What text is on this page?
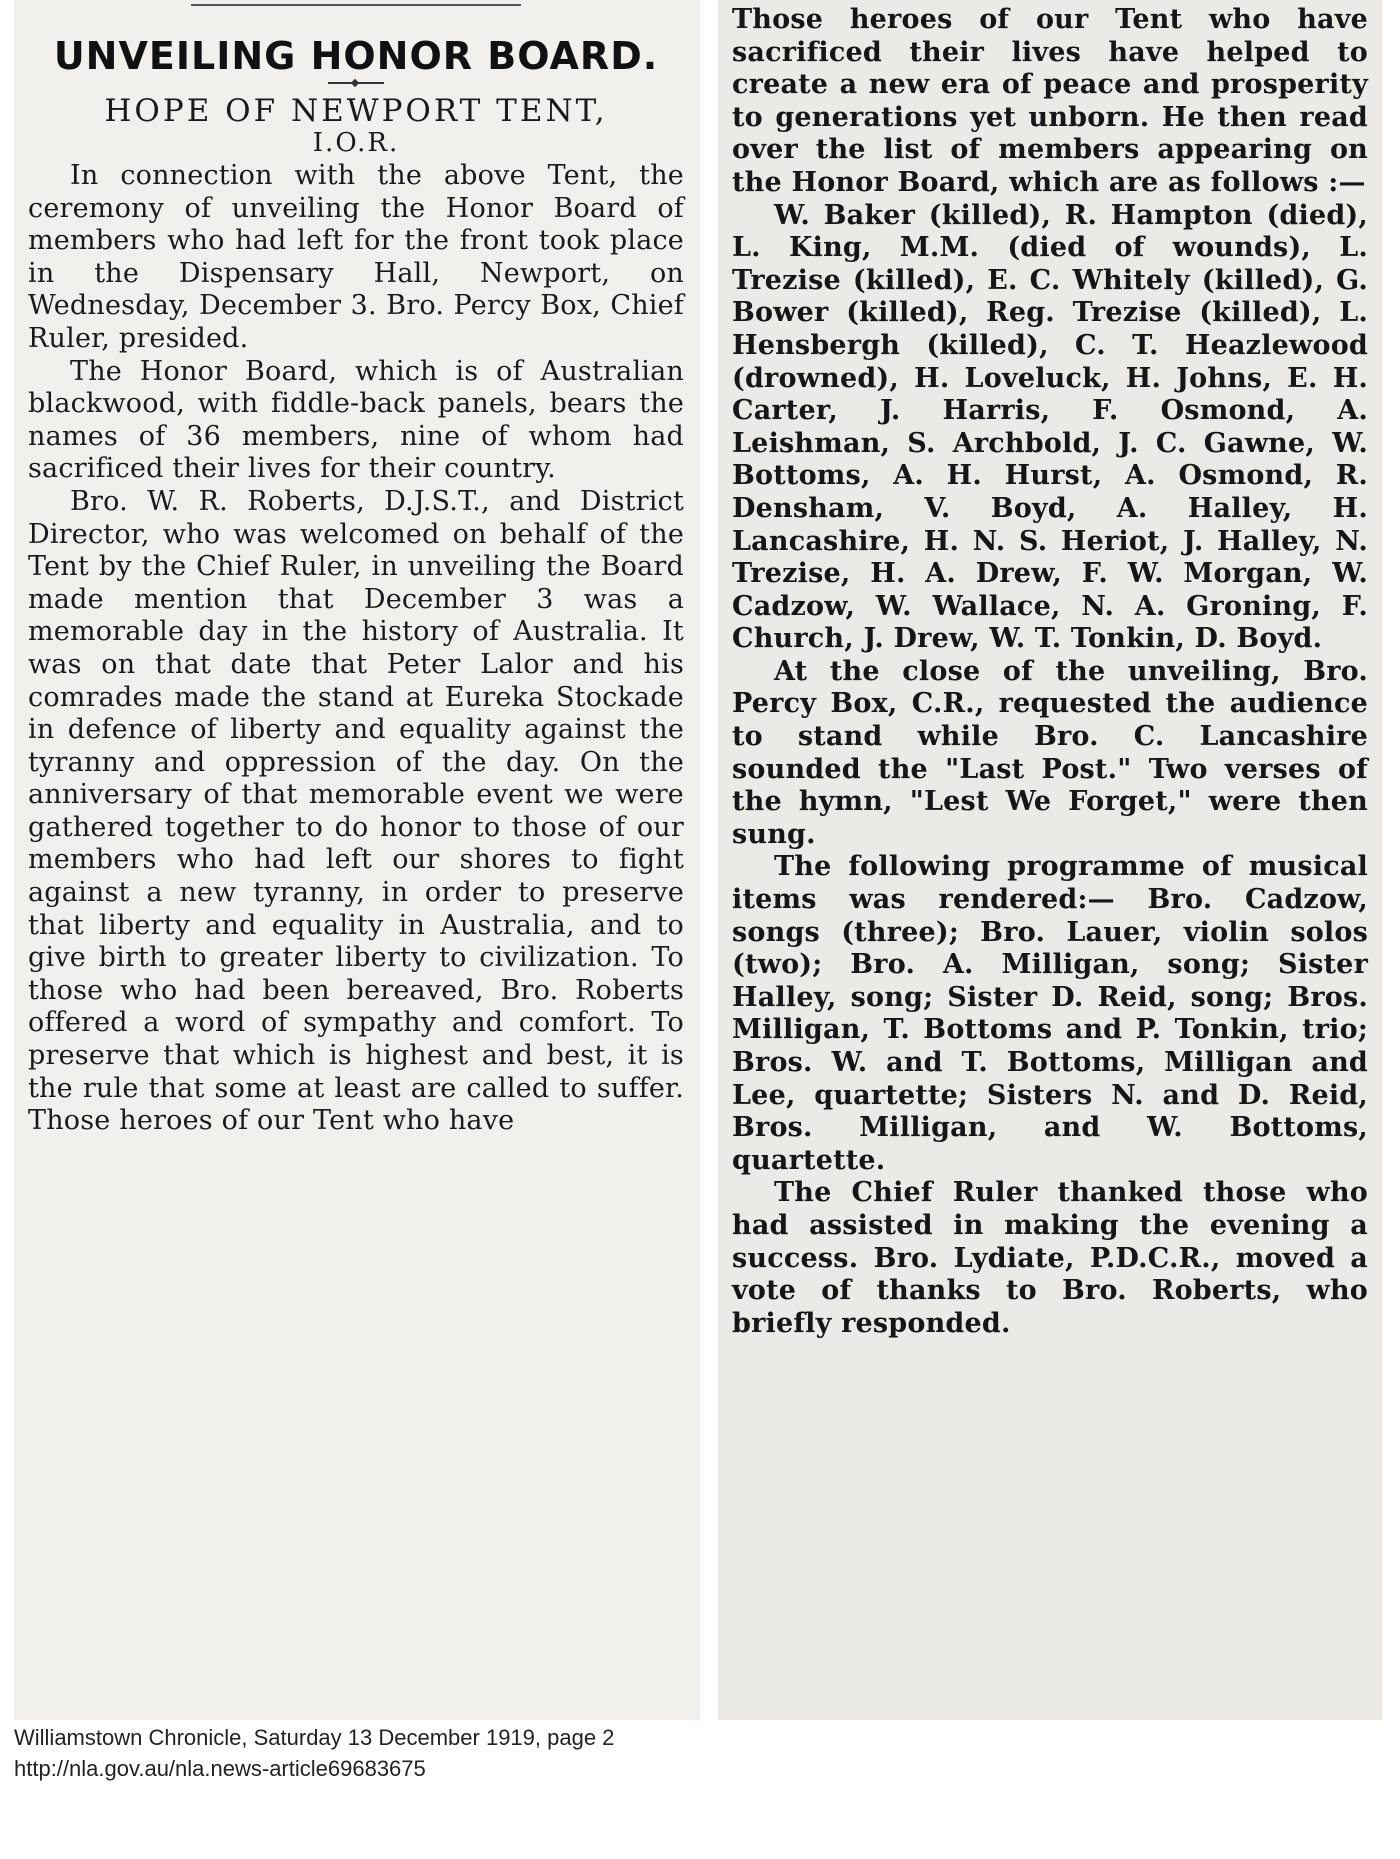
UNVEILING HONOR BOARD.
HOPE OF NEWPORT TENT,
I.O.R.

In connection with the above Tent, the ceremony of unveiling the Honor Board of members who had left for the front took place in the Dispensary Hall, Newport, on Wednesday, December 3. Bro. Percy Box, Chief Ruler, presided.

The Honor Board, which is of Australian blackwood, with fiddle-back panels, bears the names of 36 members, nine of whom had sacrificed their lives for their country.

Bro. W. R. Roberts, D.J.S.T., and District Director, who was welcomed on behalf of the Tent by the Chief Ruler, in unveiling the Board made mention that December 3 was a memorable day in the history of Australia. It was on that date that Peter Lalor and his comrades made the stand at Eureka Stockade in defence of liberty and equality against the tyranny and oppression of the day. On the anniversary of that memorable event we were gathered together to do honor to those of our members who had left our shores to fight against a new tyranny, in order to preserve that liberty and equality in Australia, and to give birth to greater liberty to civilization. To those who had been bereaved, Bro. Roberts offered a word of sympathy and comfort. To preserve that which is highest and best, it is the rule that some at least are called to suffer. Those heroes of our Tent who have

Those heroes of our Tent who have sacrificed their lives have helped to create a new era of peace and prosperity to generations yet unborn. He then read over the list of members appearing on the Honor Board, which are as follows :—

W. Baker (killed), R. Hampton (died), L. King, M.M. (died of wounds), L. Trezise (killed), E. C. Whitely (killed), G. Bower (killed), Reg. Trezise (killed), L. Hensbergh (killed), C. T. Heazlewood (drowned), H. Loveluck, H. Johns, E. H. Carter, J. Harris, F. Osmond, A. Leishman, S. Archbold, J. C. Gawne, W. Bottoms, A. H. Hurst, A. Osmond, R. Densham, V. Boyd, A. Halley, H. Lancashire, H. N. S. Heriot, J. Halley, N. Trezise, H. A. Drew, F. W. Morgan, W. Cadzow, W. Wallace, N. A. Groning, F. Church, J. Drew, W. T. Tonkin, D. Boyd.

At the close of the unveiling, Bro. Percy Box, C.R., requested the audience to stand while Bro. C. Lancashire sounded the "Last Post." Two verses of the hymn, "Lest We Forget," were then sung.

The following programme of musical items was rendered:— Bro. Cadzow, songs (three); Bro. Lauer, violin solos (two); Bro. A. Milligan, song; Sister Halley, song; Sister D. Reid, song; Bros. Milligan, T. Bottoms and P. Tonkin, trio; Bros. W. and T. Bottoms, Milligan and Lee, quartette; Sisters N. and D. Reid, Bros. Milligan, and W. Bottoms, quartette.

The Chief Ruler thanked those who had assisted in making the evening a success. Bro. Lydiate, P.D.C.R., moved a vote of thanks to Bro. Roberts, who briefly responded.

Williamstown Chronicle, Saturday 13 December 1919, page 2
http://nla.gov.au/nla.news-article69683675
